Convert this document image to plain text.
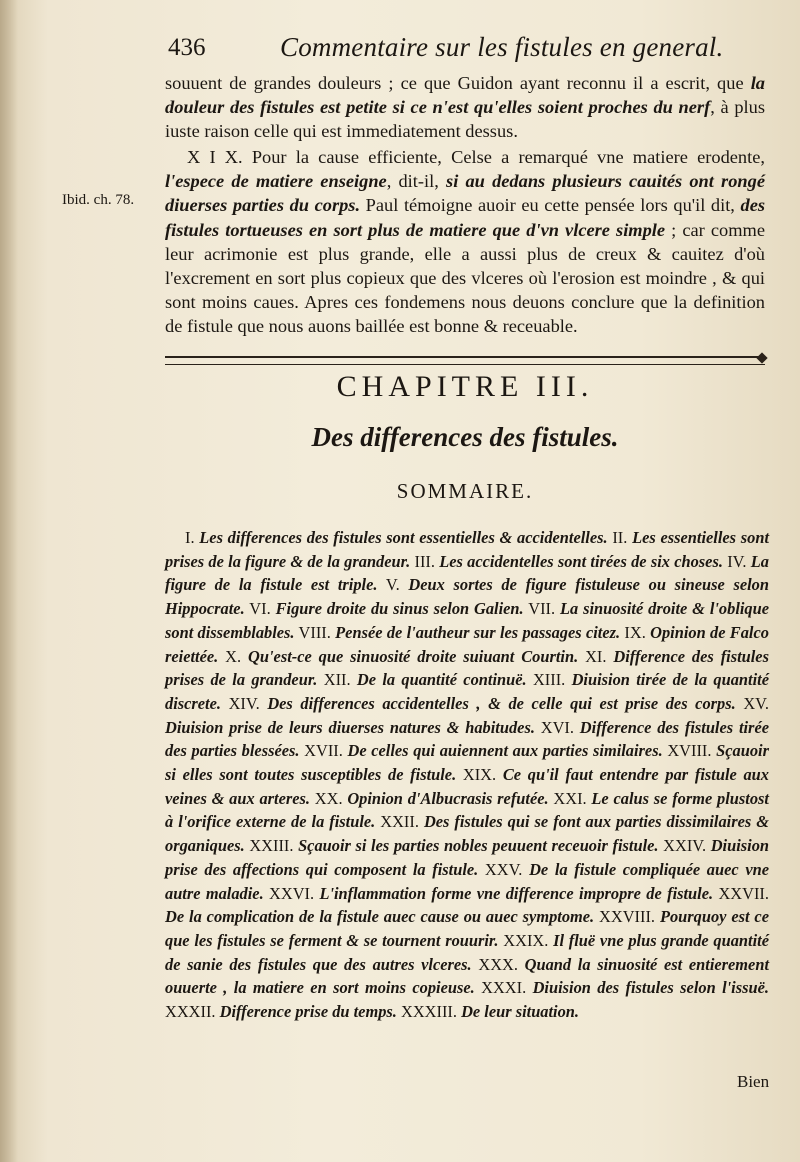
436	Commentaire sur les fistules en general.

souuent de grandes douleurs ; ce que Guidon ayant reconnu il a escrit, que la douleur des fistules est petite si ce n'est qu'elles soient proches du nerf, à plus iuste raison celle qui est immediatement dessus.

Ibid. ch. 78.

X I X. Pour la cause efficiente, Celse a remarqué vne matiere erodente, l'espece de matiere enseigne, dit-il, si au dedans plusieurs cauités ont rongé diuerses parties du corps. Paul témoigne auoir eu cette pensée lors qu'il dit, des fistules tortueuses en sort plus de matiere que d'vn vlcere simple ; car comme leur acrimonie est plus grande, elle a aussi plus de creux & cauitez d'où l'excrement en sort plus copieux que des vlceres où l'erosion est moindre , & qui sont moins caues. Apres ces fondemens nous deuons conclure que la definition de fistule que nous auons baillée est bonne & receuable.

CHAPITRE III.
Des differences des fistules.
SOMMAIRE.

I. Les differences des fistules sont essentielles & accidentelles. II. Les essentielles sont prises de la figure & de la grandeur. III. Les accidentelles sont tirées de six choses. IV. La figure de la fistule est triple. V. Deux sortes de figure fistuleuse ou sineuse selon Hippocrate. VI. Figure droite du sinus selon Galien. VII. La sinuosité droite & l'oblique sont dissemblables. VIII. Pensée de l'autheur sur les passages citez. IX. Opinion de Falco reiettée. X. Qu'est-ce que sinuosité droite suiuant Courtin. XI. Difference des fistules prises de la grandeur. XII. De la quantité continuë. XIII. Diuision tirée de la quantité discrete. XIV. Des differences accidentelles , & de celle qui est prise des corps. XV. Diuision prise de leurs diuerses natures & habitudes. XVI. Difference des fistules tirée des parties blessées. XVII. De celles qui auiennent aux parties similaires. XVIII. Sçauoir si elles sont toutes susceptibles de fistule. XIX. Ce qu'il faut entendre par fistule aux veines & aux arteres. XX. Opinion d'Albucrasis refutée. XXI. Le calus se forme plustost à l'orifice externe de la fistule. XXII. Des fistules qui se font aux parties dissimilaires & organiques. XXIII. Sçauoir si les parties nobles peuuent receuoir fistule. XXIV. Diuision prise des affections qui composent la fistule. XXV. De la fistule compliquée auec vne autre maladie. XXVI. L'inflammation forme vne difference impropre de fistule. XXVII. De la complication de la fistule auec cause ou auec symptome. XXVIII. Pourquoy est ce que les fistules se ferment & se tournent rouurir. XXIX. Il fluë vne plus grande quantité de sanie des fistules que des autres vlceres. XXX. Quand la sinuosité est entierement ouuerte , la matiere en sort moins copieuse. XXXI. Diuision des fistules selon l'issuë. XXXII. Difference prise du temps. XXXIII. De leur situation.

Bien
